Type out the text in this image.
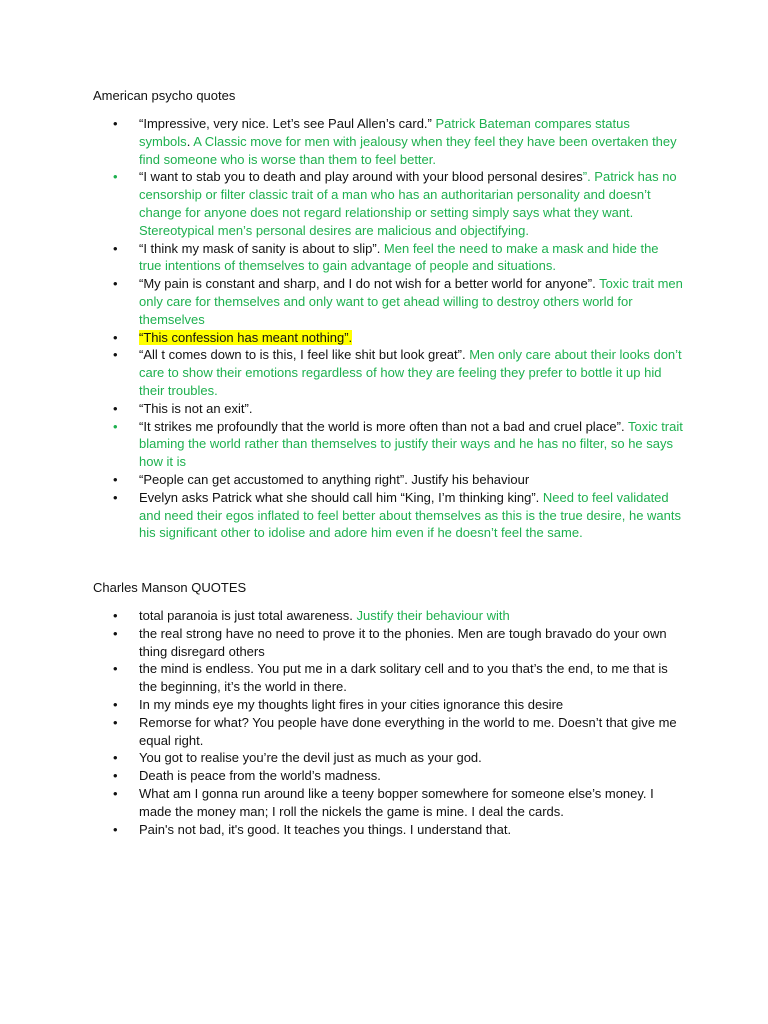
American psycho quotes
• “Impressive, very nice. Let’s see Paul Allen’s card.” Patrick Bateman compares status symbols. A Classic move for men with jealousy when they feel they have been overtaken they find someone who is worse than them to feel better.
• “I want to stab you to death and play around with your blood personal desires”. Patrick has no censorship or filter classic trait of a man who has an authoritarian personality and doesn’t change for anyone does not regard relationship or setting simply says what they want. Stereotypical men’s personal desires are malicious and objectifying.
• “I think my mask of sanity is about to slip”. Men feel the need to make a mask and hide the true intentions of themselves to gain advantage of people and situations.
• “My pain is constant and sharp, and I do not wish for a better world for anyone”. Toxic trait men only care for themselves and only want to get ahead willing to destroy others world for themselves
• “This confession has meant nothing”.
• “All t comes down to is this, I feel like shit but look great”. Men only care about their looks don’t care to show their emotions regardless of how they are feeling they prefer to bottle it up hid their troubles.
• “This is not an exit”.
• “It strikes me profoundly that the world is more often than not a bad and cruel place”. Toxic trait blaming the world rather than themselves to justify their ways and he has no filter, so he says how it is
• “People can get accustomed to anything right”. Justify his behaviour
• Evelyn asks Patrick what she should call him “King, I’m thinking king”. Need to feel validated and need their egos inflated to feel better about themselves as this is the true desire, he wants his significant other to idolise and adore him even if he doesn’t feel the same.
Charles Manson QUOTES
• total paranoia is just total awareness. Justify their behaviour with
• the real strong have no need to prove it to the phonies. Men are tough bravado do your own thing disregard others
• the mind is endless. You put me in a dark solitary cell and to you that’s the end, to me that is the beginning, it’s the world in there.
• In my minds eye my thoughts light fires in your cities ignorance this desire
• Remorse for what? You people have done everything in the world to me. Doesn’t that give me equal right.
• You got to realise you’re the devil just as much as your god.
• Death is peace from the world’s madness.
• What am I gonna run around like a teeny bopper somewhere for someone else’s money. I made the money man; I roll the nickels the game is mine. I deal the cards.
• Pain's not bad, it's good. It teaches you things. I understand that.
